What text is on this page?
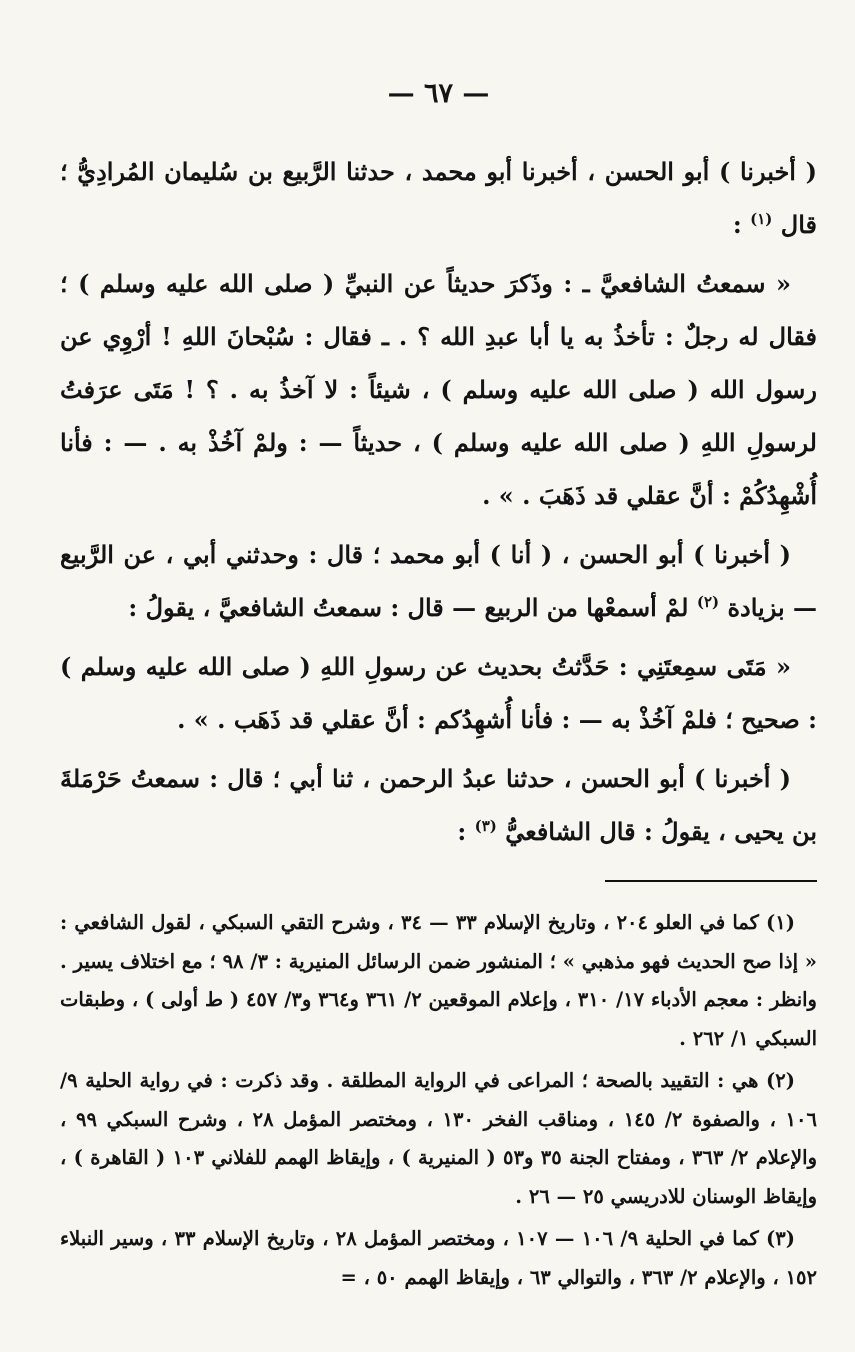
— ٦٧ —

( أخبرنا ) أبو الحسن ، أخبرنا أبو محمد ، حدثنا الرَّبيع بن سُليمان المُرادِيُّ ؛ قال $^{(١)}$ :

« سمعتُ الشافعيَّ ـ : وذَكرَ حديثاً عن النبيِّ ( صلى الله عليه وسلم ) ؛ فقال له رجلٌ : تأخذُ به يا أبا عبدِ الله ؟ . ـ فقال : سُبْحانَ اللهِ ! أرْوِي عن رسول الله ( صلى الله عليه وسلم ) ، شيئاً : لا آخذُ به . ؟ ! مَتَى عرَفتُ لرسولِ اللهِ ( صلى الله عليه وسلم ) ، حديثاً — : ولمْ آخُذْ به . — : فأنا أُشْهِدُكُمْ : أنَّ عقلي قد ذَهَبَ . » .

( أخبرنا ) أبو الحسن ، ( أنا ) أبو محمد ؛ قال : وحدثني أبي ، عن الرَّبيع — بزيادة $^{(٢)}$ لمْ أسمعْها من الربيع — قال : سمعتُ الشافعيَّ ، يقولُ :

« مَتَى سمِعتَنِي : حَدَّثتُ بحديث عن رسولِ اللهِ ( صلى الله عليه وسلم ) : صحيح ؛ فلمْ آخُذْ به — : فأنا أُشهِدُكم : أنَّ عقلي قد ذَهَب . » .

( أخبرنا ) أبو الحسن ، حدثنا عبدُ الرحمن ، ثنا أبي ؛ قال : سمعتُ حَرْمَلةَ بن يحيى ، يقولُ : قال الشافعيُّ $^{(٣)}$ :

(١) كما في العلو ٢٠٤ ، وتاريخ الإسلام ٣٣ — ٣٤ ، وشرح التقي السبكي ، لقول الشافعي : « إذا صح الحديث فهو مذهبي » ؛ المنشور ضمن الرسائل المنيرية : ٣/ ٩٨ ؛ مع اختلاف يسير . وانظر : معجم الأدباء ١٧/ ٣١٠ ، وإعلام الموقعين ٢/ ٣٦١ و٣٦٤ و٣/ ٤٥٧ ( ط أولى ) ، وطبقات السبكي ١/ ٢٦٢ .

(٢) هي : التقييد بالصحة ؛ المراعى في الرواية المطلقة . وقد ذكرت : في رواية الحلية ٩/ ١٠٦ ، والصفوة ٢/ ١٤٥ ، ومناقب الفخر ١٣٠ ، ومختصر المؤمل ٢٨ ، وشرح السبكي ٩٩ ، والإعلام ٢/ ٣٦٣ ، ومفتاح الجنة ٣٥ و٥٣ ( المنيرية ) ، وإيقاظ الهمم للفلاني ١٠٣ ( القاهرة ) ، وإيقاظ الوسنان للادريسي ٢٥ — ٢٦ .

(٣) كما في الحلية ٩/ ١٠٦ — ١٠٧ ، ومختصر المؤمل ٢٨ ، وتاريخ الإسلام ٣٣ ، وسير النبلاء ١٥٢ ، والإعلام ٢/ ٣٦٣ ، والتوالي ٦٣ ، وإيقاظ الهمم ٥٠ ، =
